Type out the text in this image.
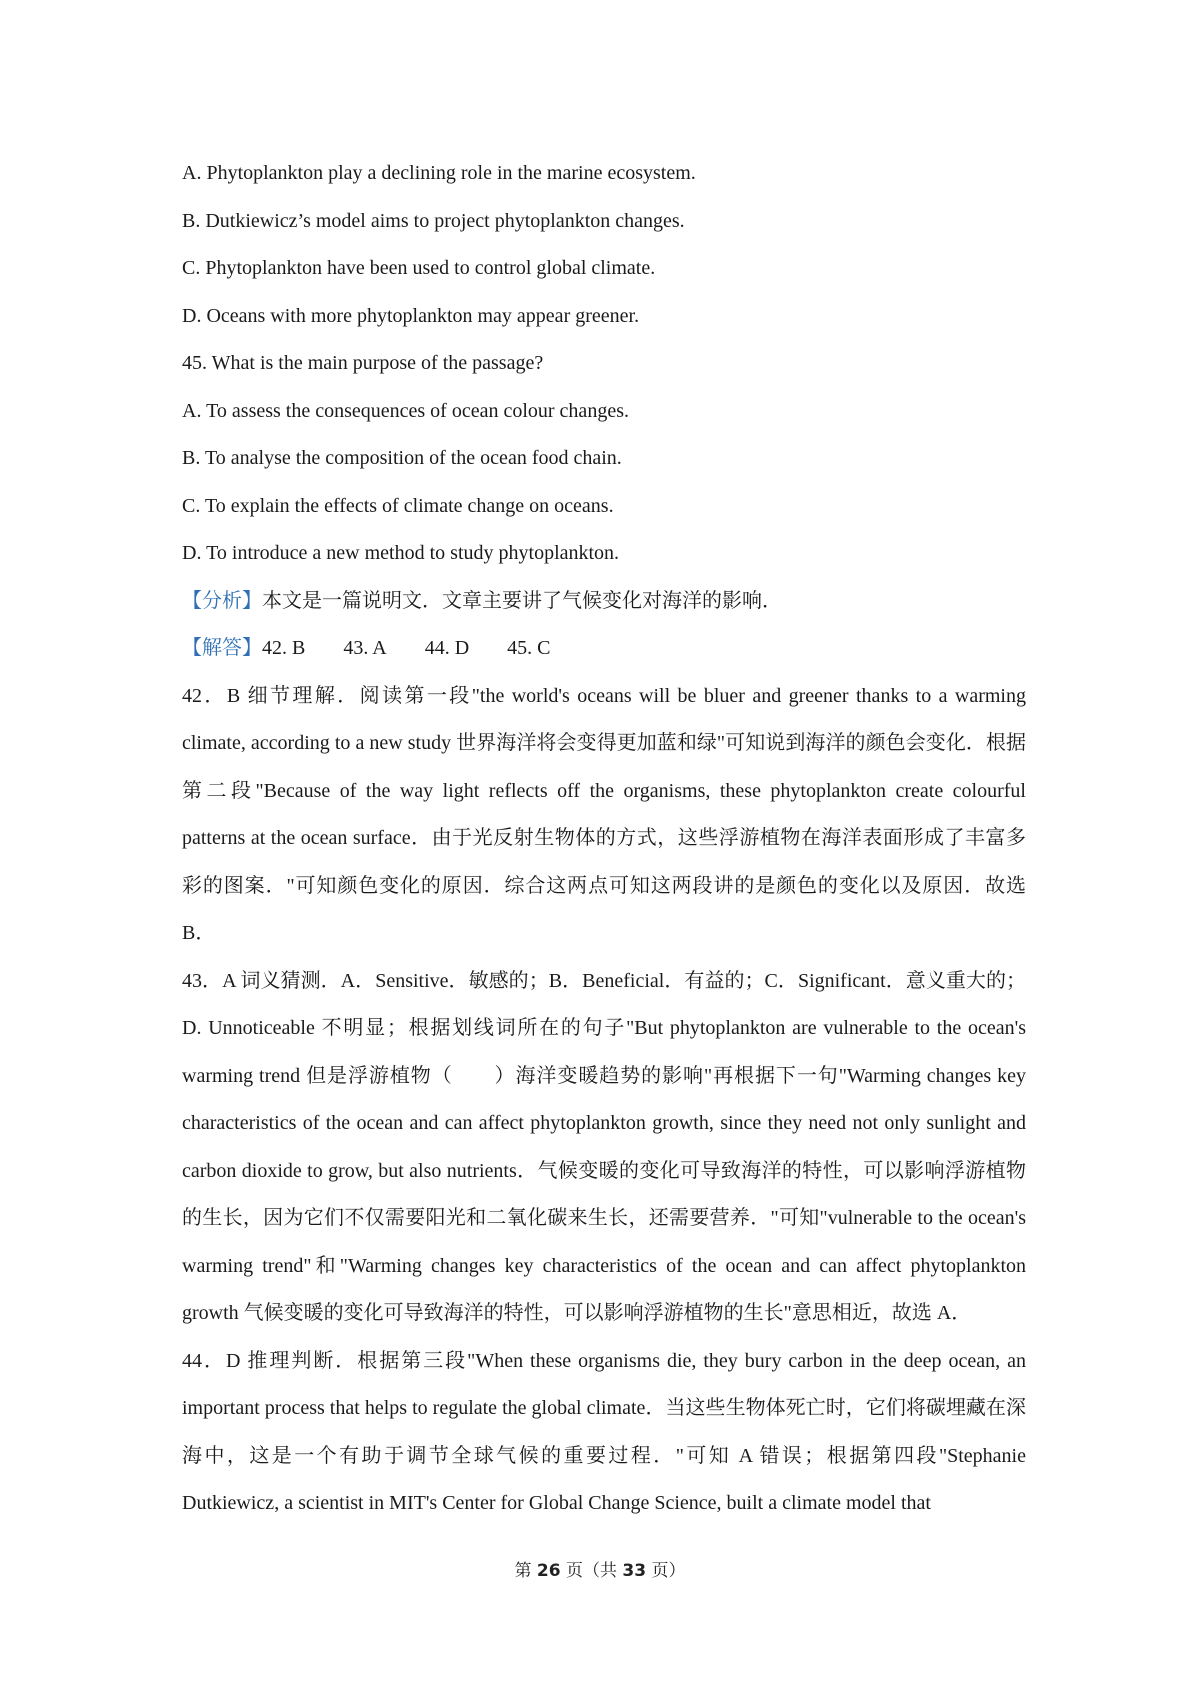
A. Phytoplankton play a declining role in the marine ecosystem.
B. Dutkiewicz’s model aims to project phytoplankton changes.
C. Phytoplankton have been used to control global climate.
D. Oceans with more phytoplankton may appear greener.
45. What is the main purpose of the passage?
A. To assess the consequences of ocean colour changes.
B. To analyse the composition of the ocean food chain.
C. To explain the effects of climate change on oceans.
D. To introduce a new method to study phytoplankton.
【分析】本文是一篇说明文．文章主要讲了气候变化对海洋的影响．
【解答】42. B 43. A 44. D 45. C

42．B 细节理解．阅读第一段"the world's oceans will be bluer and greener thanks to a warming climate, according to a new study 世界海洋将会变得更加蓝和绿"可知说到海洋的颜色会变化．根据第二段"Because of the way light reflects off the organisms, these phytoplankton create colourful patterns at the ocean surface．由于光反射生物体的方式，这些浮游植物在海洋表面形成了丰富多彩的图案．"可知颜色变化的原因．综合这两点可知这两段讲的是颜色的变化以及原因．故选 B．

43．A 词义猜测．A．Sensitive．敏感的；B．Beneficial．有益的；C．Significant．意义重大的；D. Unnoticeable 不明显；根据划线词所在的句子"But phytoplankton are vulnerable to the ocean's warming trend 但是浮游植物（　　）海洋变暖趋势的影响"再根据下一句"Warming changes key characteristics of the ocean and can affect phytoplankton growth, since they need not only sunlight and carbon dioxide to grow, but also nutrients．气候变暖的变化可导致海洋的特性，可以影响浮游植物的生长，因为它们不仅需要阳光和二氧化碳来生长，还需要营养．"可知"vulnerable to the ocean's warming trend"和"Warming changes key characteristics of the ocean and can affect phytoplankton growth 气候变暖的变化可导致海洋的特性，可以影响浮游植物的生长"意思相近，故选 A．

44．D 推理判断．根据第三段"When these organisms die, they bury carbon in the deep ocean, an important process that helps to regulate the global climate．当这些生物体死亡时，它们将碳埋藏在深海中，这是一个有助于调节全球气候的重要过程．"可知 A 错误；根据第四段"Stephanie Dutkiewicz, a scientist in MIT's Center for Global Change Science, built a climate model that

第 26 页（共 33 页）
